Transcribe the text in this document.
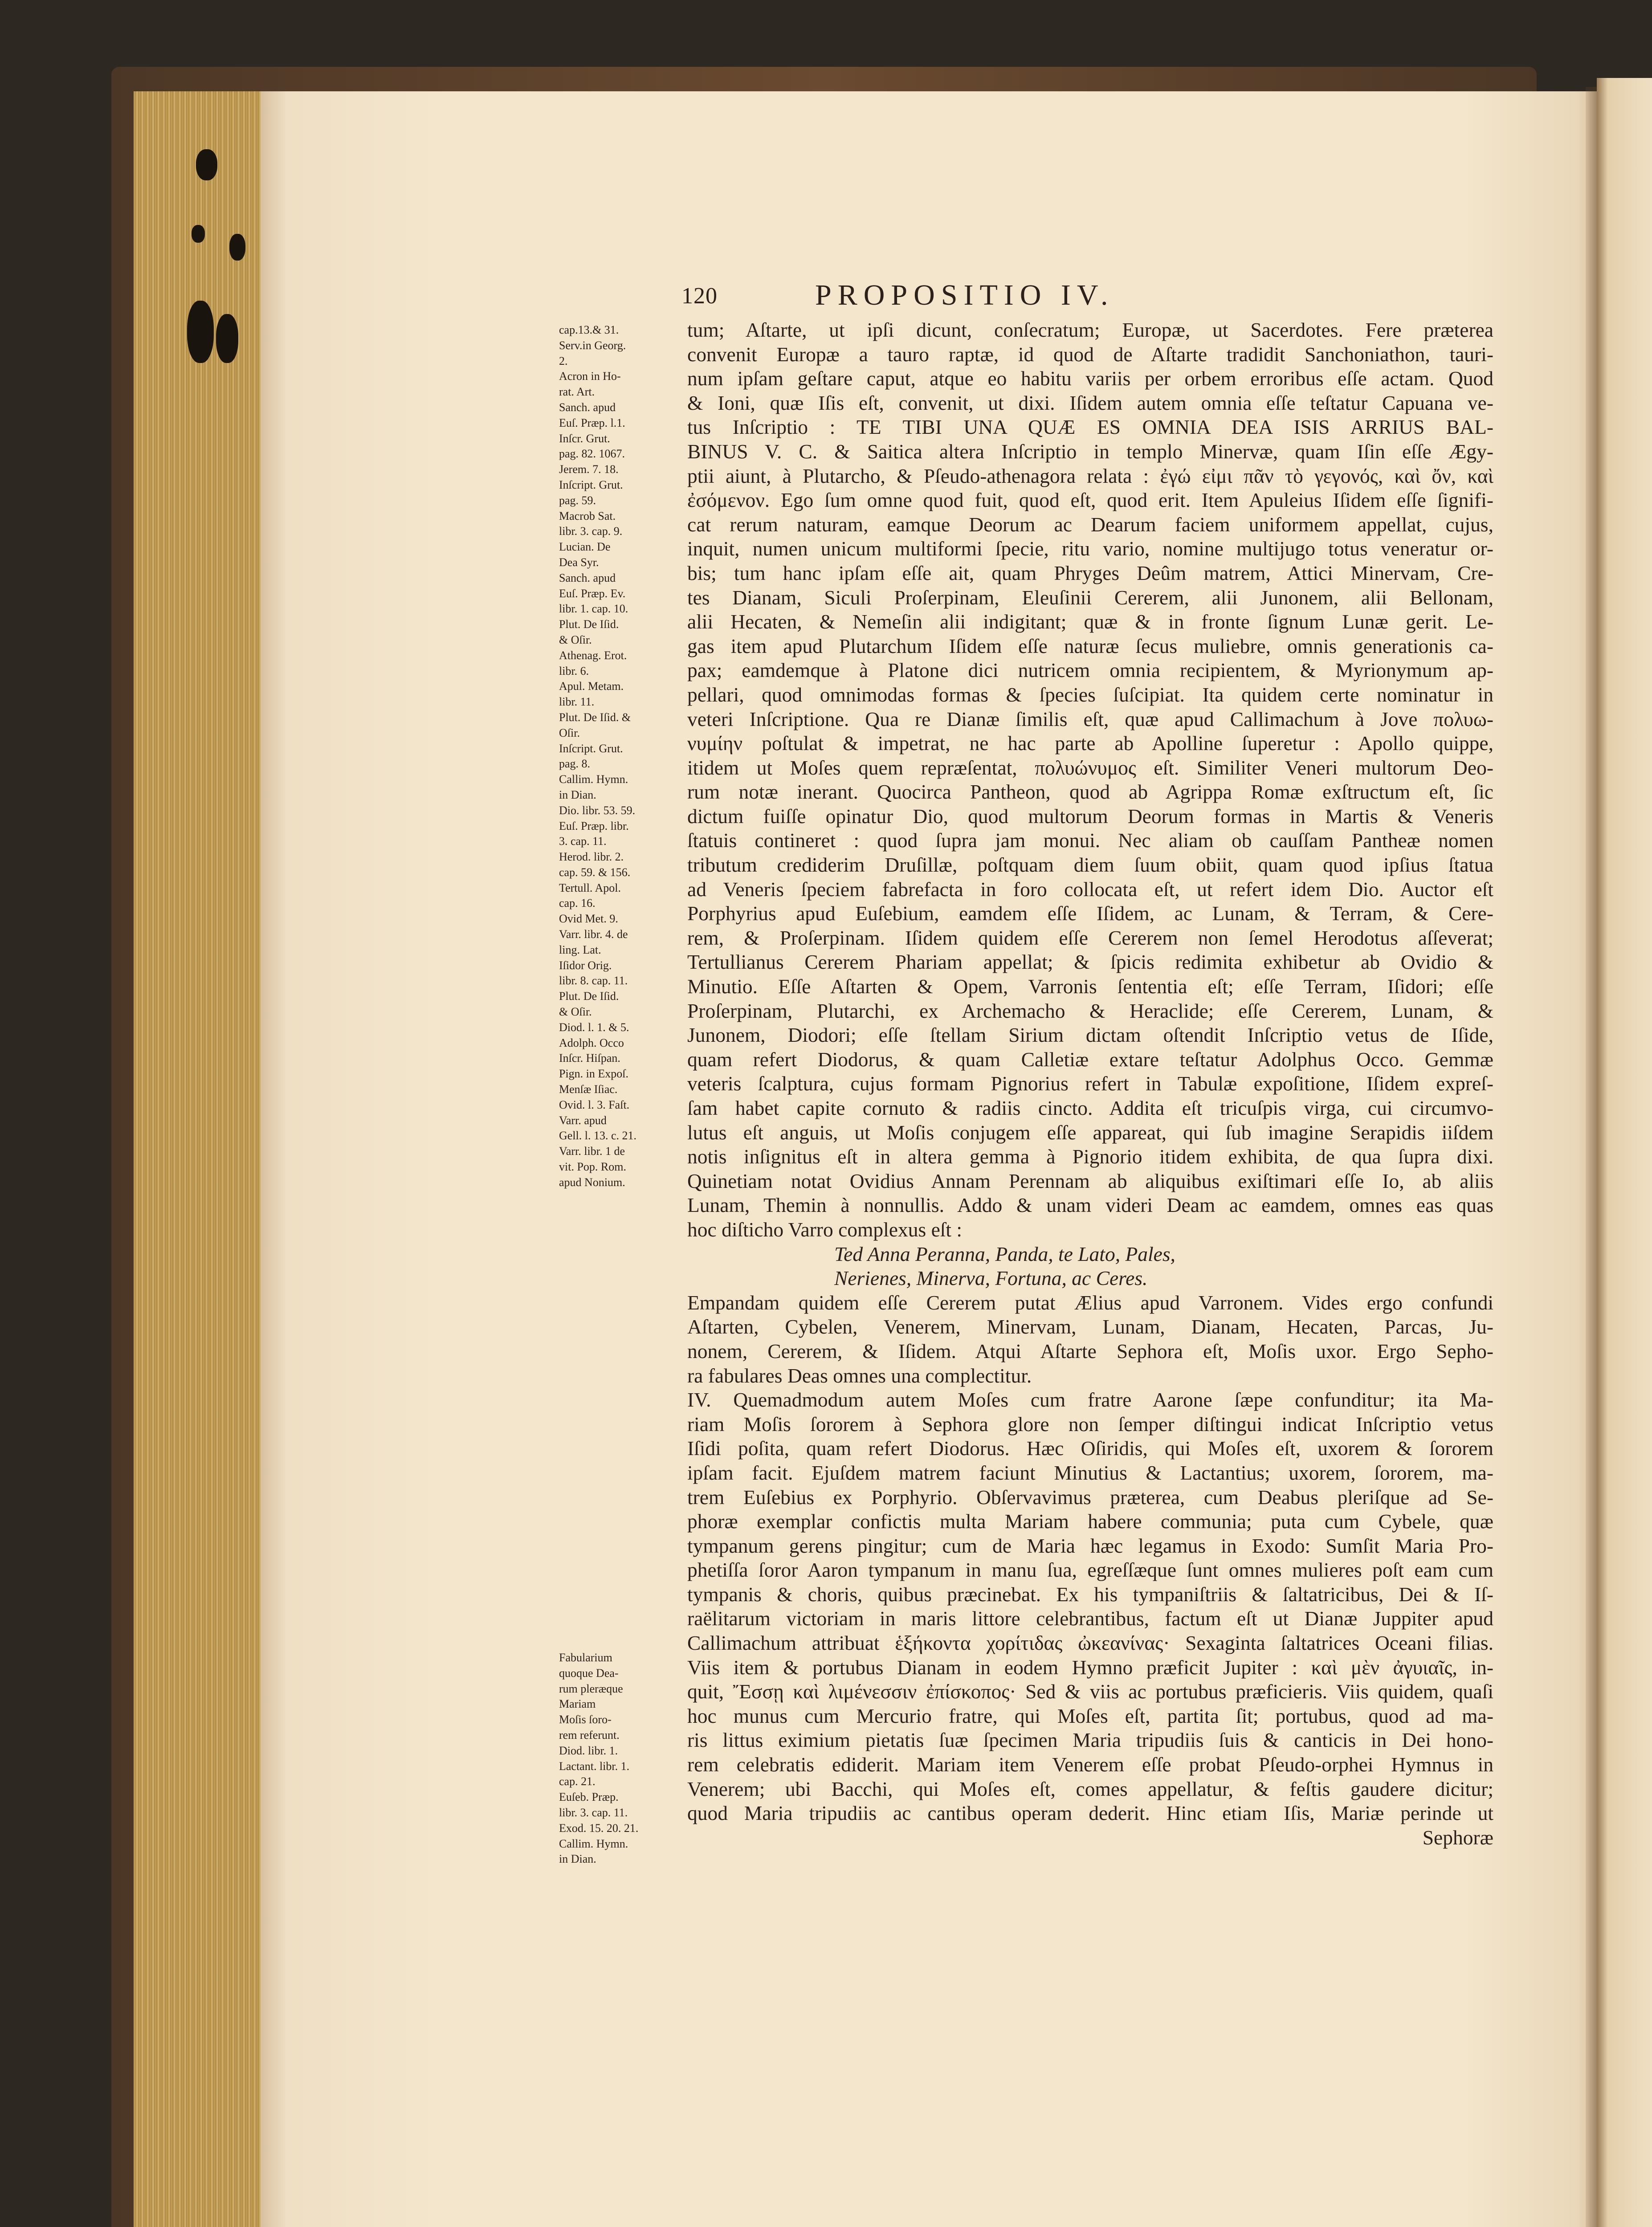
120	PROPOSITIO IV.
cap.13.& 31.
Serv.in Georg.
2.
Acron in Ho-
rat. Art.
Sanch. apud
Euſ. Præp. l.1.
Inſcr. Grut.
pag. 82. 1067.
Jerem. 7. 18.
Inſcript. Grut.
pag. 59.
Macrob Sat.
libr. 3. cap. 9.
Lucian. De
Dea Syr.
Sanch. apud
Euſ. Præp. Ev.
libr. 1. cap. 10.
Plut. De Iſid.
& Oſir.
Athenag. Erot.
libr. 6.
Apul. Metam.
libr. 11.
Plut. De Iſid. &
Oſir.
Inſcript. Grut.
pag. 8.
Callim. Hymn.
in Dian.
Dio. libr. 53. 59.
Euſ. Præp. libr.
3. cap. 11.
Herod. libr. 2.
cap. 59. & 156.
Tertull. Apol.
cap. 16.
Ovid Met. 9.
Varr. libr. 4. de
ling. Lat.
Iſidor Orig.
libr. 8. cap. 11.
Plut. De Iſid.
& Oſir.
Diod. l. 1. & 5.
Adolph. Occo
Inſcr. Hiſpan.
Pign. in Expoſ.
Menſæ Iſiac.
Ovid. l. 3. Faſt.
Varr. apud
Gell. l. 13. c. 21.
Varr. libr. 1 de
vit. Pop. Rom.
apud Nonium.
Fabularium
quoque Dea-
rum pleræque
Mariam
Moſis ſoro-
rem referunt.
Diod. libr. 1.
Lactant. libr. 1.
cap. 21.
Euſeb. Præp.
libr. 3. cap. 11.
Exod. 15. 20. 21.
Callim. Hymn.
in Dian.
tum; Aſtarte, ut ipſi dicunt, conſecratum; Europæ, ut Sacerdotes. Fere præterea
convenit Europæ a tauro raptæ, id quod de Aſtarte tradidit Sanchoniathon, tauri-
num ipſam geſtare caput, atque eo habitu variis per orbem erroribus eſſe actam. Quod
& Ioni, quæ Iſis eſt, convenit, ut dixi. Iſidem autem omnia eſſe teſtatur Capuana ve-
tus Inſcriptio : TE TIBI UNA QUÆ ES OMNIA DEA ISIS ARRIUS BAL-
BINUS V. C. & Saitica altera Inſcriptio in templo Minervæ, quam Iſin eſſe Ægy-
ptii aiunt, à Plutarcho, & Pſeudo-athenagora relata : ἐγώ εἰμι πᾶν τὸ γεγονός, καὶ ὄν, καὶ
ἐσόμενον. Ego ſum omne quod fuit, quod eſt, quod erit. Item Apuleius Iſidem eſſe ſignifi-
cat rerum naturam, eamque Deorum ac Dearum faciem uniformem appellat, cujus,
inquit, numen unicum multiformi ſpecie, ritu vario, nomine multijugo totus veneratur or-
bis; tum hanc ipſam eſſe ait, quam Phryges Deûm matrem, Attici Minervam, Cre-
tes Dianam, Siculi Proſerpinam, Eleuſinii Cererem, alii Junonem, alii Bellonam,
alii Hecaten, & Nemeſin alii indigitant; quæ & in fronte ſignum Lunæ gerit. Le-
gas item apud Plutarchum Iſidem eſſe naturæ ſecus muliebre, omnis generationis ca-
pax; eamdemque à Platone dici nutricem omnia recipientem, & Myrionymum ap-
pellari, quod omnimodas formas & ſpecies ſuſcipiat. Ita quidem certe nominatur in
veteri Inſcriptione. Qua re Dianæ ſimilis eſt, quæ apud Callimachum à Jove πολυω-
νυμίην poſtulat & impetrat, ne hac parte ab Apolline ſuperetur : Apollo quippe,
itidem ut Moſes quem repræſentat, πολυώνυμος eſt. Similiter Veneri multorum Deo-
rum notæ inerant. Quocirca Pantheon, quod ab Agrippa Romæ exſtructum eſt, ſic
dictum fuiſſe opinatur Dio, quod multorum Deorum formas in Martis & Veneris
ſtatuis contineret : quod ſupra jam monui. Nec aliam ob cauſſam Pantheæ nomen
tributum crediderim Druſillæ, poſtquam diem ſuum obiit, quam quod ipſius ſtatua
ad Veneris ſpeciem fabrefacta in foro collocata eſt, ut refert idem Dio. Auctor eſt
Porphyrius apud Euſebium, eamdem eſſe Iſidem, ac Lunam, & Terram, & Cere-
rem, & Proſerpinam. Iſidem quidem eſſe Cererem non ſemel Herodotus aſſeverat;
Tertullianus Cererem Phariam appellat; & ſpicis redimita exhibetur ab Ovidio &
Minutio. Eſſe Aſtarten & Opem, Varronis ſententia eſt; eſſe Terram, Iſidori; eſſe
Proſerpinam, Plutarchi, ex Archemacho & Heraclide; eſſe Cererem, Lunam, &
Junonem, Diodori; eſſe ſtellam Sirium dictam oſtendit Inſcriptio vetus de Iſide,
quam refert Diodorus, & quam Calletiæ extare teſtatur Adolphus Occo. Gemmæ
veteris ſcalptura, cujus formam Pignorius refert in Tabulæ expoſitione, Iſidem expreſ-
ſam habet capite cornuto & radiis cincto. Addita eſt tricuſpis virga, cui circumvo-
lutus eſt anguis, ut Moſis conjugem eſſe appareat, qui ſub imagine Serapidis iiſdem
notis inſignitus eſt in altera gemma à Pignorio itidem exhibita, de qua ſupra dixi.
Quinetiam notat Ovidius Annam Perennam ab aliquibus exiſtimari eſſe Io, ab aliis
Lunam, Themin à nonnullis. Addo & unam videri Deam ac eamdem, omnes eas quas
hoc diſticho Varro complexus eſt :
Ted Anna Peranna, Panda, te Lato, Pales,
Nerienes, Minerva, Fortuna, ac Ceres.
Empandam quidem eſſe Cererem putat Ælius apud Varronem. Vides ergo confundi
Aſtarten, Cybelen, Venerem, Minervam, Lunam, Dianam, Hecaten, Parcas, Ju-
nonem, Cererem, & Iſidem. Atqui Aſtarte Sephora eſt, Moſis uxor. Ergo Sepho-
ra fabulares Deas omnes una complectitur.
IV. Quemadmodum autem Moſes cum fratre Aarone ſæpe confunditur; ita Ma-
riam Moſis ſororem à Sephora glore non ſemper diſtingui indicat Inſcriptio vetus
Iſidi poſita, quam refert Diodorus. Hæc Oſiridis, qui Moſes eſt, uxorem & ſororem
ipſam facit. Ejuſdem matrem faciunt Minutius & Lactantius; uxorem, ſororem, ma-
trem Euſebius ex Porphyrio. Obſervavimus præterea, cum Deabus pleriſque ad Se-
phoræ exemplar confictis multa Mariam habere communia; puta cum Cybele, quæ
tympanum gerens pingitur; cum de Maria hæc legamus in Exodo: Sumſit Maria Pro-
phetiſſa ſoror Aaron tympanum in manu ſua, egreſſæque ſunt omnes mulieres poſt eam cum
tympanis & choris, quibus præcinebat. Ex his tympaniſtriis & ſaltatricibus, Dei & Iſ-
raëlitarum victoriam in maris littore celebrantibus, factum eſt ut Dianæ Juppiter apud
Callimachum attribuat ἑξήκοντα χορίτιδας ὠκεανίνας· Sexaginta ſaltatrices Oceani filias.
Viis item & portubus Dianam in eodem Hymno præficit Jupiter : καὶ μὲν ἀγυιαῖς, in-
quit, Ἔσσῃ καὶ λιμένεσσιν ἐπίσκοπος· Sed & viis ac portubus præficieris. Viis quidem, quaſi
hoc munus cum Mercurio fratre, qui Moſes eſt, partita ſit; portubus, quod ad ma-
ris littus eximium pietatis ſuæ ſpecimen Maria tripudiis ſuis & canticis in Dei hono-
rem celebratis ediderit. Mariam item Venerem eſſe probat Pſeudo-orphei Hymnus in
Venerem; ubi Bacchi, qui Moſes eſt, comes appellatur, & feſtis gaudere dicitur;
quod Maria tripudiis ac cantibus operam dederit. Hinc etiam Iſis, Mariæ perinde ut
Sephoræ
